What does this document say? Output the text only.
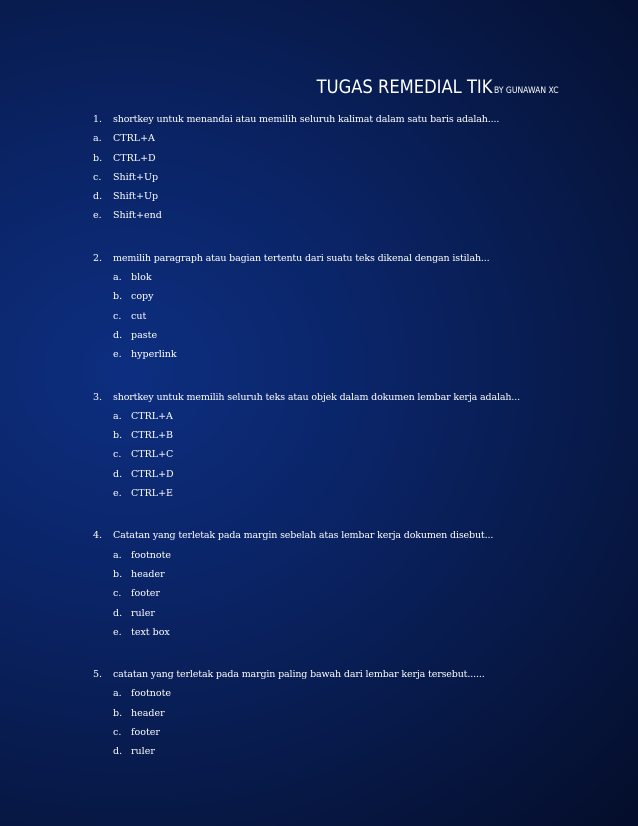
TUGAS REMEDIAL TIK BY GUNAWAN XC
1. shortkey untuk menandai atau memilih seluruh kalimat dalam satu baris adalah....
a. CTRL+A
b. CTRL+D
c. Shift+Up
d. Shift+Up
e. Shift+end
2. memilih paragraph atau bagian tertentu dari suatu teks dikenal dengan istilah...
a. blok
b. copy
c. cut
d. paste
e. hyperlink
3. shortkey untuk memilih seluruh teks atau objek dalam dokumen lembar kerja adalah...
a. CTRL+A
b. CTRL+B
c. CTRL+C
d. CTRL+D
e. CTRL+E
4. Catatan yang terletak pada margin sebelah atas lembar kerja dokumen disebut...
a. footnote
b. header
c. footer
d. ruler
e. text box
5. catatan yang terletak pada margin paling bawah dari lembar kerja tersebut......
a. footnote
b. header
c. footer
d. ruler
